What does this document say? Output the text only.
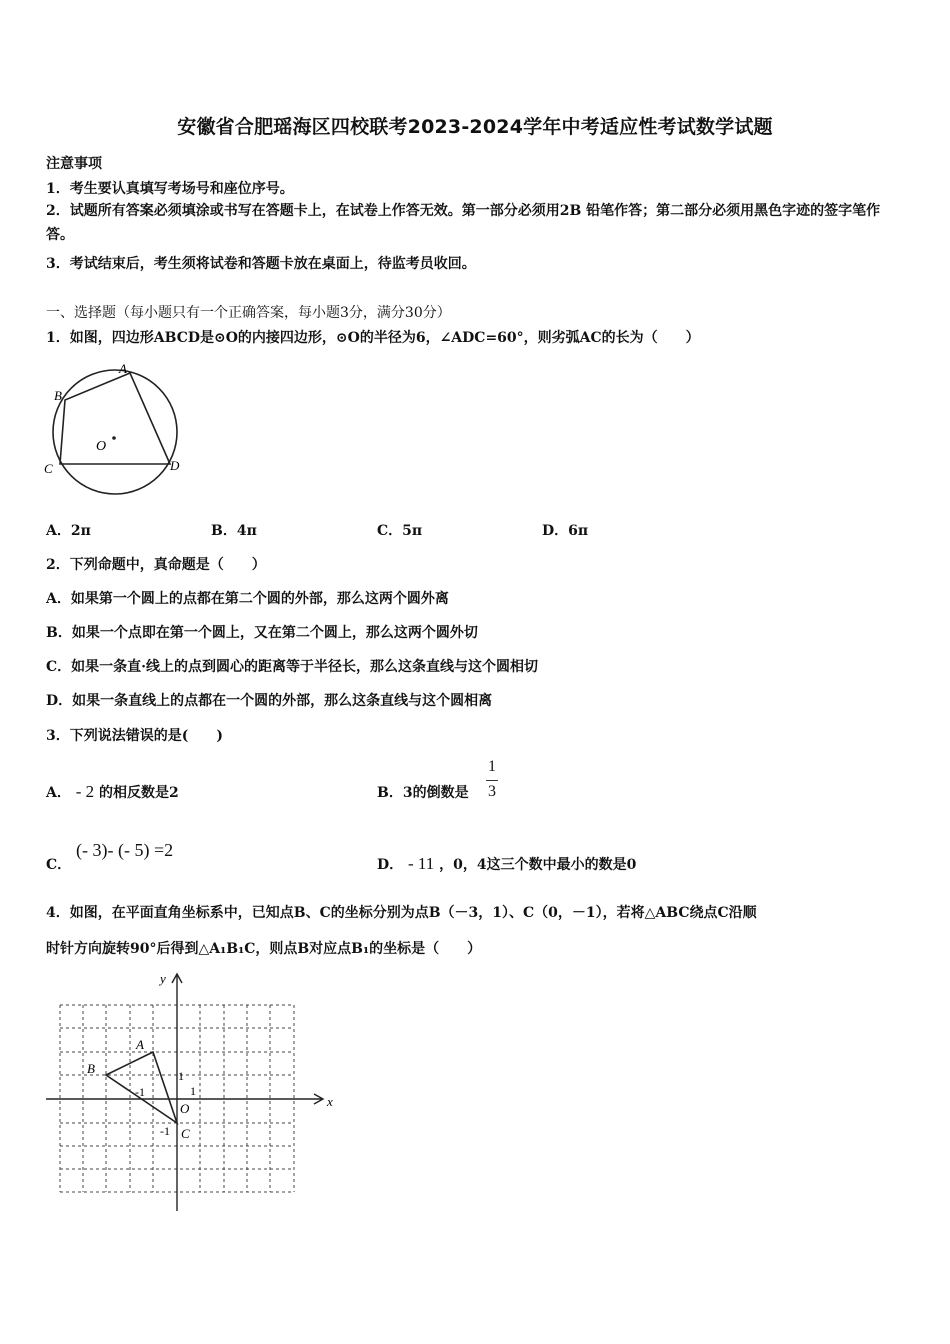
安徽省合肥瑶海区四校联考2023-2024学年中考适应性考试数学试题
注意事项
1．考生要认真填写考场号和座位序号。
2．试题所有答案必须填涂或书写在答题卡上，在试卷上作答无效。第一部分必须用2B 铅笔作答；第二部分必须用黑色字迹的签字笔作答。
3．考试结束后，考生须将试卷和答题卡放在桌面上，待监考员收回。
一、选择题（每小题只有一个正确答案，每小题3分，满分30分）
1．如图，四边形ABCD是⊙O的内接四边形，⊙O的半径为6，∠ADC=60°，则劣弧AC的长为（　　）
A
B
C	D
O
A．2π	B．4π	C．5π	D．6π
2．下列命题中，真命题是（　　）
A．如果第一个圆上的点都在第二个圆的外部，那么这两个圆外离
B．如果一个点即在第一个圆上，又在第二个圆上，那么这两个圆外切
C．如果一条直·线上的点到圆心的距离等于半径长，那么这条直线与这个圆相切
D．如果一条直线上的点都在一个圆的外部，那么这条直线与这个圆相离
3．下列说法错误的是(　　)
A． - 2 的相反数是2	B．3的倒数是
1
3
C．
(- 3)- (- 5) =2
D． - 11 ，0，4这三个数中最小的数是0
4．如图，在平面直角坐标系中，已知点B、C的坐标分别为点B（－3，1）、C（0，－1），若将△ABC绕点C沿顺
时针方向旋转90°后得到△A₁B₁C，则点B对应点B₁的坐标是（　　）
y
x
A
B
C
O
-1
1
1
-1
